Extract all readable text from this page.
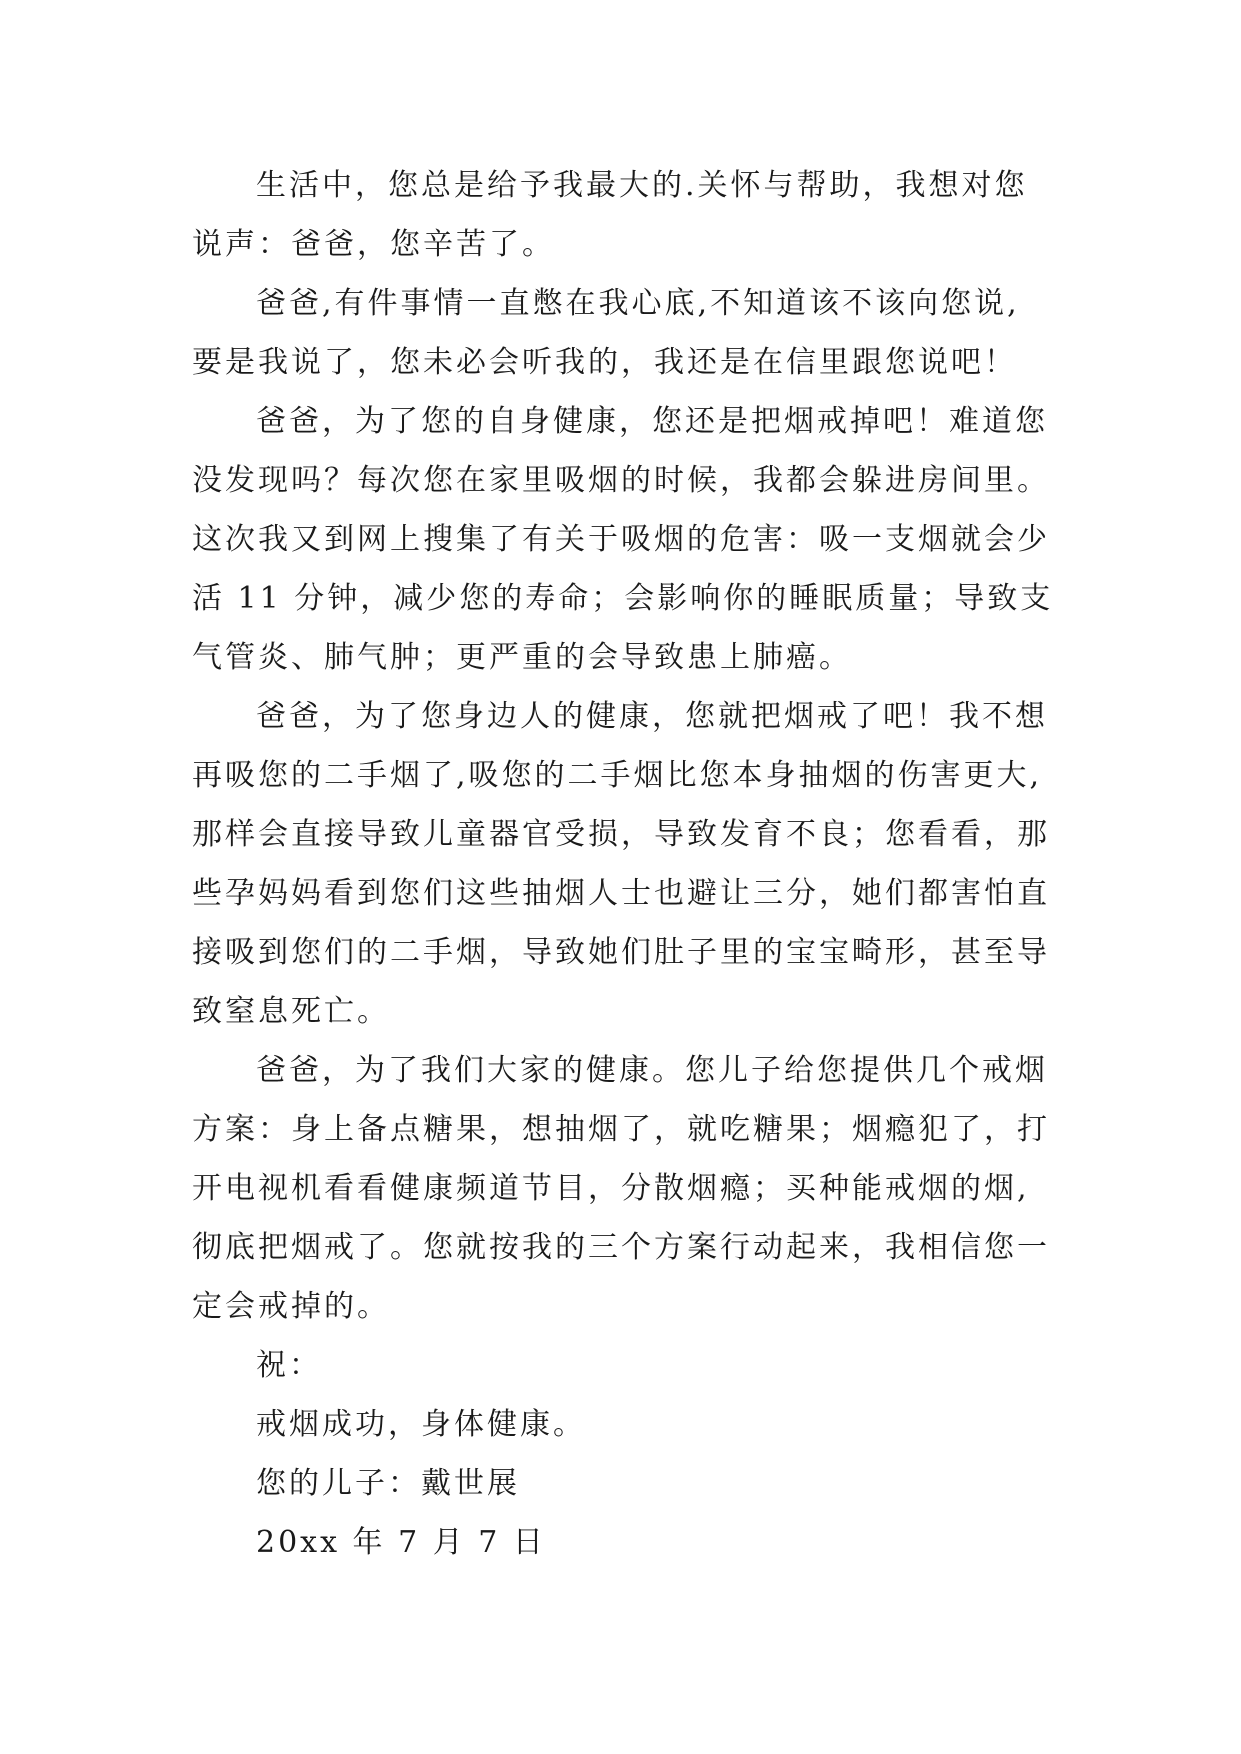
生活中，您总是给予我最大的.关怀与帮助，我想对您
说声：爸爸，您辛苦了。
爸爸,有件事情一直憋在我心底,不知道该不该向您说,
要是我说了，您未必会听我的，我还是在信里跟您说吧！
爸爸，为了您的自身健康，您还是把烟戒掉吧！难道您
没发现吗？每次您在家里吸烟的时候，我都会躲进房间里。
这次我又到网上搜集了有关于吸烟的危害：吸一支烟就会少
活 11 分钟，减少您的寿命；会影响你的睡眠质量；导致支
气管炎、肺气肿；更严重的会导致患上肺癌。
爸爸，为了您身边人的健康，您就把烟戒了吧！我不想
再吸您的二手烟了,吸您的二手烟比您本身抽烟的伤害更大,
那样会直接导致儿童器官受损，导致发育不良；您看看，那
些孕妈妈看到您们这些抽烟人士也避让三分，她们都害怕直
接吸到您们的二手烟，导致她们肚子里的宝宝畸形，甚至导
致窒息死亡。
爸爸，为了我们大家的健康。您儿子给您提供几个戒烟
方案：身上备点糖果，想抽烟了，就吃糖果；烟瘾犯了，打
开电视机看看健康频道节目，分散烟瘾；买种能戒烟的烟,
彻底把烟戒了。您就按我的三个方案行动起来，我相信您一
定会戒掉的。
祝：
戒烟成功，身体健康。
您的儿子：戴世展
20xx 年 7 月 7 日
